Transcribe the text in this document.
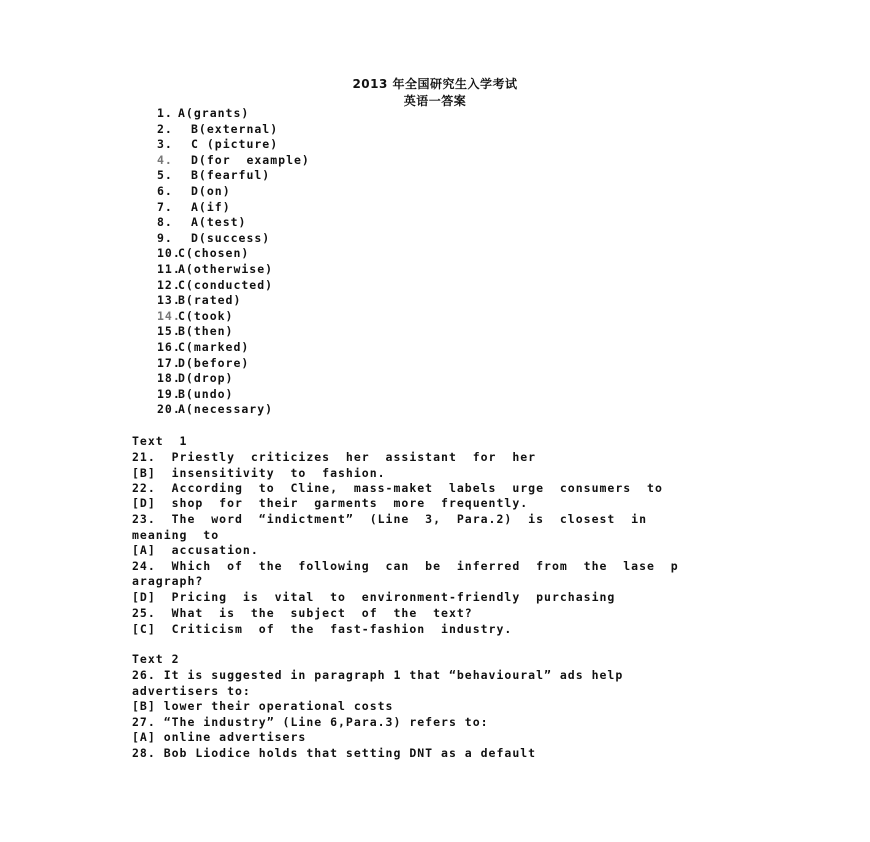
2013 年全国研究生入学考试
英语一答案
1. A(grants)
2. B(external)
3. C (picture)
4. D(for  example)
5. B(fearful)
6. D(on)
7. A(if)
8. A(test)
9. D(success)
10.C(chosen)
11.A(otherwise)
12.C(conducted)
13.B(rated)
14.C(took)
15.B(then)
16.C(marked)
17.D(before)
18.D(drop)
19.B(undo)
20.A(necessary)
Text  1
21.  Priestly  criticizes  her  assistant  for  her
[B]  insensitivity  to  fashion.
22.  According  to  Cline,  mass-maket  labels  urge  consumers  to
[D]  shop  for  their  garments  more  frequently.
23.  The  word  “indictment”  (Line  3,  Para.2)  is  closest  in
meaning  to
[A]  accusation.
24.  Which  of  the  following  can  be  inferred  from  the  lase  p
aragraph?
[D]  Pricing  is  vital  to  environment-friendly  purchasing
25.  What  is  the  subject  of  the  text?
[C]  Criticism  of  the  fast-fashion  industry.
Text 2
26. It is suggested in paragraph 1 that “behavioural” ads help
advertisers to:
[B] lower their operational costs
27. “The industry” (Line 6,Para.3) refers to:
[A] online advertisers
28. Bob Liodice holds that setting DNT as a default
